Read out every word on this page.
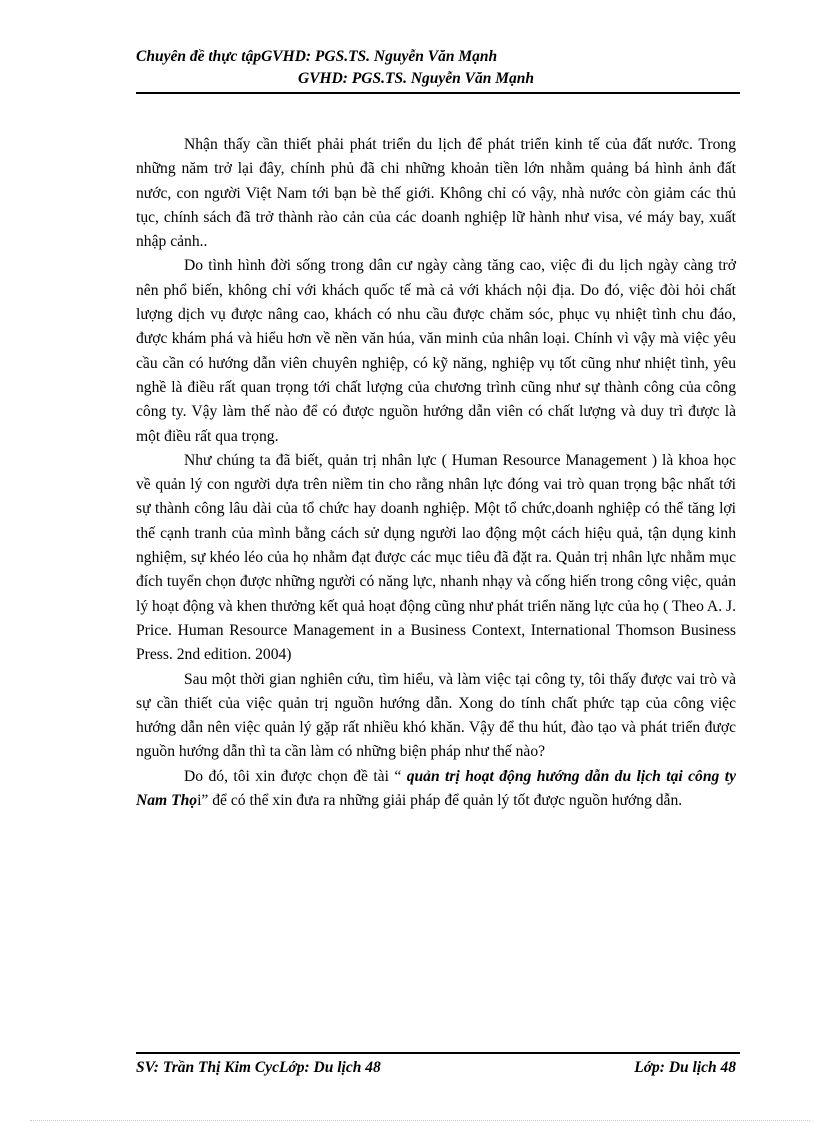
Chuyên đề thực tậpGVHD: PGS.TS. Nguyễn Văn Mạnh
GVHD: PGS.TS. Nguyễn Văn Mạnh

Nhận thấy cần thiết phải phát triển du lịch để phát triển kinh tế của đất nước. Trong những năm trở lại đây, chính phủ đã chi những khoản tiền lớn nhằm quảng bá hình ảnh đất nước, con người Việt Nam tới bạn bè thế giới. Không chỉ có vậy, nhà nước còn giảm các thủ tục, chính sách đã trở thành rào cản của các doanh nghiệp lữ hành như visa, vé máy bay, xuất nhập cảnh..

Do tình hình đời sống trong dân cư ngày càng tăng cao, việc đi du lịch ngày càng trở nên phổ biến, không chỉ với khách quốc tế mà cả với khách nội địa. Do đó, việc đòi hỏi chất lượng dịch vụ được nâng cao, khách có nhu cầu được chăm sóc, phục vụ nhiệt tình chu đáo, được khám phá và hiểu hơn về nền văn húa, văn minh của nhân loại. Chính vì vậy mà việc yêu cầu cần có hướng dẫn viên chuyên nghiệp, có kỹ năng, nghiệp vụ tốt cũng như nhiệt tình, yêu nghề là điều rất quan trọng tới chất lượng của chương trình cũng như sự thành công của công công ty. Vậy làm thế nào để có được nguồn hướng dẫn viên có chất lượng và duy trì được là một điều rất qua trọng.

Như chúng ta đã biết, quản trị nhân lực ( Human Resource Management ) là khoa học về quản lý con người dựa trên niềm tin cho rằng nhân lực đóng vai trò quan trọng bậc nhất tới sự thành công lâu dài của tổ chức hay doanh nghiệp. Một tổ chức,doanh nghiệp có thể tăng lợi thế cạnh tranh của mình bằng cách sử dụng người lao động một cách hiệu quả, tận dụng kinh nghiệm, sự khéo léo của họ nhằm đạt được các mục tiêu đã đặt ra. Quản trị nhân lực nhằm mục đích tuyển chọn được những người có năng lực, nhanh nhạy và cống hiến trong công việc, quản lý hoạt động và khen thưởng kết quả hoạt động cũng như phát triển năng lực của họ ( Theo A. J. Price. Human Resource Management in a Business Context, International Thomson Business Press. 2nd edition. 2004)

Sau một thời gian nghiên cứu, tìm hiểu, và làm việc tại công ty, tôi thấy được vai trò và sự cần thiết của việc quản trị nguồn hướng dẫn. Xong do tính chất phức tạp của công việc hướng dẫn nên việc quản lý gặp rất nhiều khó khăn. Vậy để thu hút, đào tạo và phát triển được nguồn hướng dẫn thì ta cần làm có những biện pháp như thế nào?

Do đó, tôi xin được chọn đề tài “ quản trị hoạt động hướng dẫn du lịch tại công ty Nam Thọi” để có thể xin đưa ra những giải pháp để quản lý tốt được nguồn hướng dẫn.

SV: Trần Thị Kim CycLớp: Du lịch 48	Lớp: Du lịch 48
